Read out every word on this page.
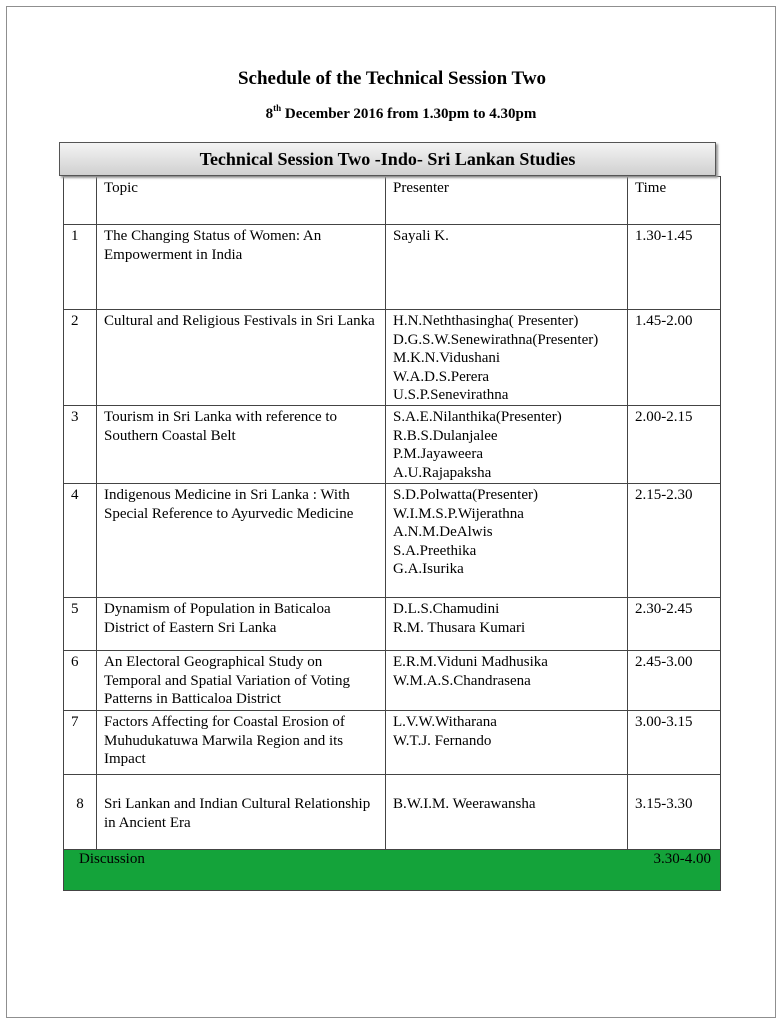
Schedule of the Technical Session Two
8th December 2016 from 1.30pm to 4.30pm
Technical Session Two -Indo- Sri Lankan Studies
	Topic	Presenter	Time
1	The Changing Status of Women: An Empowerment in India	Sayali K.	1.30-1.45
2	Cultural and Religious Festivals in Sri Lanka	H.N.Neththasingha( Presenter)
D.G.S.W.Senewirathna(Presenter)
M.K.N.Vidushani
W.A.D.S.Perera
U.S.P.Senevirathna	1.45-2.00
3	Tourism in Sri Lanka with reference to Southern Coastal Belt	S.A.E.Nilanthika(Presenter)
R.B.S.Dulanjalee
P.M.Jayaweera
A.U.Rajapaksha	2.00-2.15
4	Indigenous Medicine in Sri Lanka : With Special Reference to Ayurvedic Medicine	S.D.Polwatta(Presenter)
W.I.M.S.P.Wijerathna
A.N.M.DeAlwis
S.A.Preethika
G.A.Isurika	2.15-2.30
5	Dynamism of Population in Baticaloa District of Eastern Sri Lanka	D.L.S.Chamudini
R.M. Thusara Kumari	2.30-2.45
6	An Electoral Geographical Study on Temporal and Spatial Variation of Voting Patterns in Batticaloa District	E.R.M.Viduni Madhusika
W.M.A.S.Chandrasena	2.45-3.00
7	Factors Affecting for Coastal Erosion of Muhudukatuwa Marwila Region and its Impact	L.V.W.Witharana
W.T.J. Fernando	3.00-3.15
8	Sri Lankan and Indian Cultural Relationship in Ancient Era	B.W.I.M. Weerawansha	3.15-3.30
Discussion 3.30-4.00			
